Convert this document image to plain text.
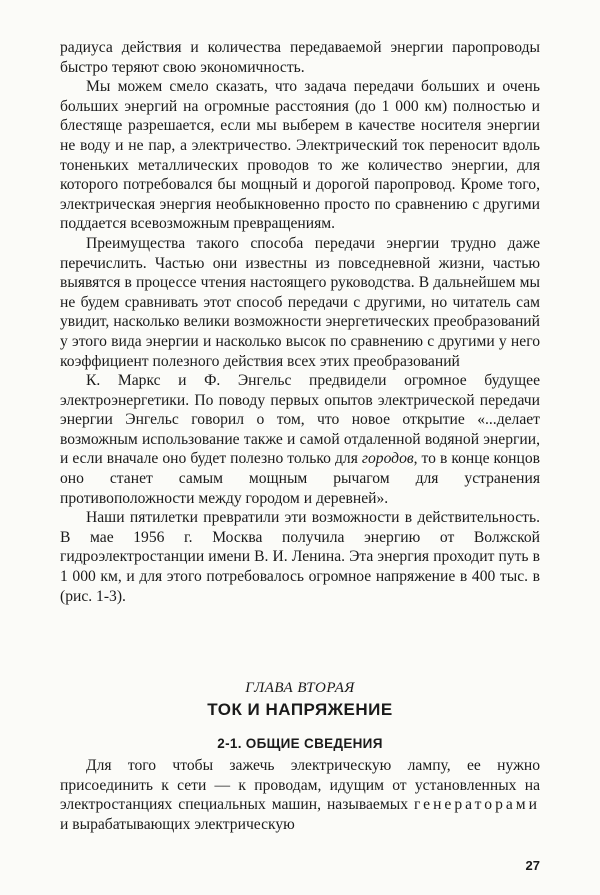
радиуса действия и количества передаваемой энергии паропроводы быстро теряют свою экономичность.

Мы можем смело сказать, что задача передачи больших и очень больших энергий на огромные расстояния (до 1 000 км) полностью и блестяще разрешается, если мы выберем в качестве носителя энергии не воду и не пар, а электричество. Электрический ток переносит вдоль тоненьких металлических проводов то же количество энергии, для которого потребовался бы мощный и дорогой паропровод. Кроме того, электрическая энергия необыкновенно просто по сравнению с другими поддается всевозможным превращениям.

Преимущества такого способа передачи энергии трудно даже перечислить. Частью они известны из повседневной жизни, частью выявятся в процессе чтения настоящего руководства. В дальнейшем мы не будем сравнивать этот способ передачи с другими, но читатель сам увидит, насколько велики возможности энергетических преобразований у этого вида энергии и насколько высок по сравнению с другими у него коэффициент полезного действия всех этих преобразований

К. Маркс и Ф. Энгельс предвидели огромное будущее электроэнергетики. По поводу первых опытов электрической передачи энергии Энгельс говорил о том, что новое открытие «...делает возможным использование также и самой отдаленной водяной энергии, и если вначале оно будет полезно только для городов, то в конце концов оно станет самым мощным рычагом для устранения противоположности между городом и деревней».

Наши пятилетки превратили эти возможности в действительность. В мае 1956 г. Москва получила энергию от Волжской гидроэлектростанции имени В. И. Ленина. Эта энергия проходит путь в 1 000 км, и для этого потребовалось огромное напряжение в 400 тыс. в (рис. 1-3).

ГЛАВА ВТОРАЯ
ТОК И НАПРЯЖЕНИЕ
2-1. ОБЩИЕ СВЕДЕНИЯ

Для того чтобы зажечь электрическую лампу, ее нужно присоединить к сети — к проводам, идущим от установленных на электростанциях специальных машин, называемых генераторами и вырабатывающих электрическую

27
